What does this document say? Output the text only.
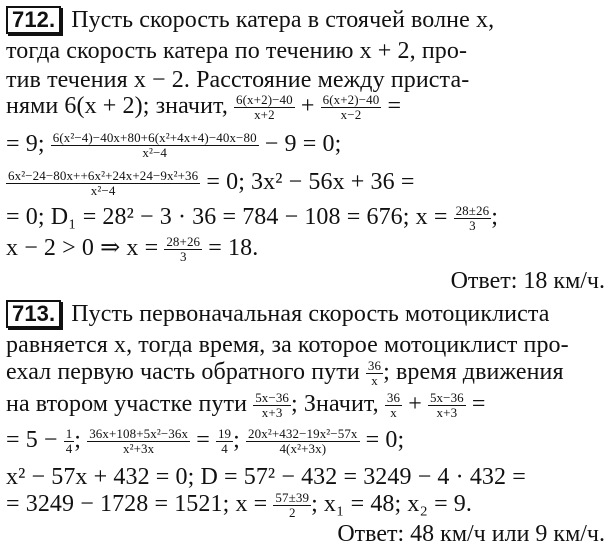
712. Пусть скорость катера в стоячей волне x,
тогда скорость катера по течению x + 2, про-
тив течения x − 2. Расстояние между приста-
нями 6(x + 2); значит, $\frac{6(x+2)-40}{x+2} + \frac{6(x+2)-40}{x-2}$ =
= 9; $\frac{\text{6(x²−4)−40x+80+6(x²+4x+4)−40x−80}}{\text{x²−4}} - 9 = 0$;
$\frac{\text{6x²−24−80x++6x²+24x+24−9x²+36}}{\text{x²−4}} = 0$; 3x² − 56x + 36 =
= 0; D₁ = 28² − 3 · 36 = 784 − 108 = 676; $x = \frac{28\pm 26}{3}$ ;
x − 2 > 0 ⇒ $x = \frac{28+26}{3} = 18$.
Ответ: 18 км/ч.
713. Пусть первоначальная скорость мотоциклиста
равняется x, тогда время, за которое мотоциклист про-
ехал первую часть обратного пути $\frac{36}{x}$ ; время движения
на втором участке пути $\frac{5x-36}{x+3}$ ; Значит, $\frac{36}{x} + \frac{5x-36}{x+3}$ =
= $5 - \frac{1}{4}$ ; $\frac{\text{36x+108+5x²−36x}}{\text{x²+3x}} = \frac{19}{4}$ ; $\frac{\text{20x²+432−19x²−57x}}{\text{4(x²+3x)}} = 0$;
x² − 57x + 432 = 0; D = 57² − 432 = 3249 − 4 · 432 =
= 3249 − 1728 = 1521; $x = \frac{57\pm 39}{2}$ ; x₁ = 48; x₂ = 9.
Ответ: 48 км/ч или 9 км/ч.
